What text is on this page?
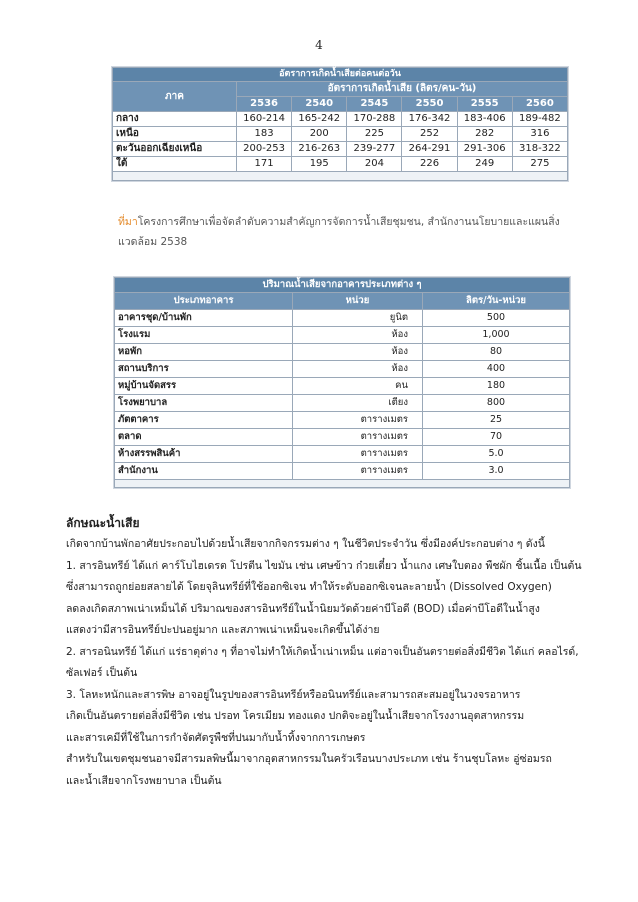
4
อัตราการเกิดน้ำเสียต่อคนต่อวัน						
ภาค	อัตราการเกิดน้ำเสีย (ลิตร/คน-วัน)					
	2536	2540	2545	2550	2555	2560
กลาง	160-214	165-242	170-288	176-342	183-406	189-482
เหนือ	183	200	225	252	282	316
ตะวันออกเฉียงเหนือ	200-253	216-263	239-277	264-291	291-306	318-322
ใต้	171	195	204	226	249	275

ที่มาโครงการศึกษาเพื่อจัดลำดับความสำคัญการจัดการน้ำเสียชุมชน, สำนักงานนโยบายและแผนสิ่งแวดล้อม 2538
ปริมาณน้ำเสียจากอาคารประเภทต่าง ๆ		
ประเภทอาคาร	หน่วย	ลิตร/วัน-หน่วย
อาคารชุด/บ้านพัก	ยูนิต	500
โรงแรม	ห้อง	1,000
หอพัก	ห้อง	80
สถานบริการ	ห้อง	400
หมู่บ้านจัดสรร	คน	180
โรงพยาบาล	เตียง	800
ภัตตาคาร	ตารางเมตร	25
ตลาด	ตารางเมตร	70
ห้างสรรพสินค้า	ตารางเมตร	5.0
สำนักงาน	ตารางเมตร	3.0

ลักษณะน้ำเสีย

เกิดจากบ้านพักอาศัยประกอบไปด้วยน้ำเสียจากกิจกรรมต่าง ๆ ในชีวิตประจำวัน ซึ่งมีองค์ประกอบต่าง ๆ ดังนี้

1. สารอินทรีย์ ได้แก่ คาร์โบไฮเดรต โปรตีน ไขมัน เช่น เศษข้าว ก๋วยเตี๋ยว น้ำแกง เศษใบตอง พืชผัก ชิ้นเนื้อ เป็นต้น

ซึ่งสามารถถูกย่อยสลายได้ โดยจุลินทรีย์ที่ใช้ออกซิเจน ทำให้ระดับออกซิเจนละลายน้ำ (Dissolved Oxygen)

ลดลงเกิดสภาพเน่าเหม็นได้ ปริมาณของสารอินทรีย์ในน้ำนิยมวัดด้วยค่าบีโอดี (BOD) เมื่อค่าบีโอดีในน้ำสูง

แสดงว่ามีสารอินทรีย์ปะปนอยู่มาก และสภาพเน่าเหม็นจะเกิดขึ้นได้ง่าย

2. สารอนินทรีย์ ได้แก่ แร่ธาตุต่าง ๆ ที่อาจไม่ทำให้เกิดน้ำเน่าเหม็น แต่อาจเป็นอันตรายต่อสิ่งมีชีวิต ได้แก่ คลอไรด์,

ซัลเฟอร์ เป็นต้น

3. โลหะหนักและสารพิษ อาจอยู่ในรูปของสารอินทรีย์หรืออนินทรีย์และสามารถสะสมอยู่ในวงจรอาหาร

เกิดเป็นอันตรายต่อสิ่งมีชีวิต เช่น ปรอท โครเมียม ทองแดง ปกติจะอยู่ในน้ำเสียจากโรงงานอุตสาหกรรม

และสารเคมีที่ใช้ในการกำจัดศัตรูพืชที่ปนมากับน้ำทิ้งจากการเกษตร

สำหรับในเขตชุมชนอาจมีสารมลพิษนี้มาจากอุตสาหกรรมในครัวเรือนบางประเภท เช่น ร้านชุบโลหะ อู่ซ่อมรถ

และน้ำเสียจากโรงพยาบาล เป็นต้น
